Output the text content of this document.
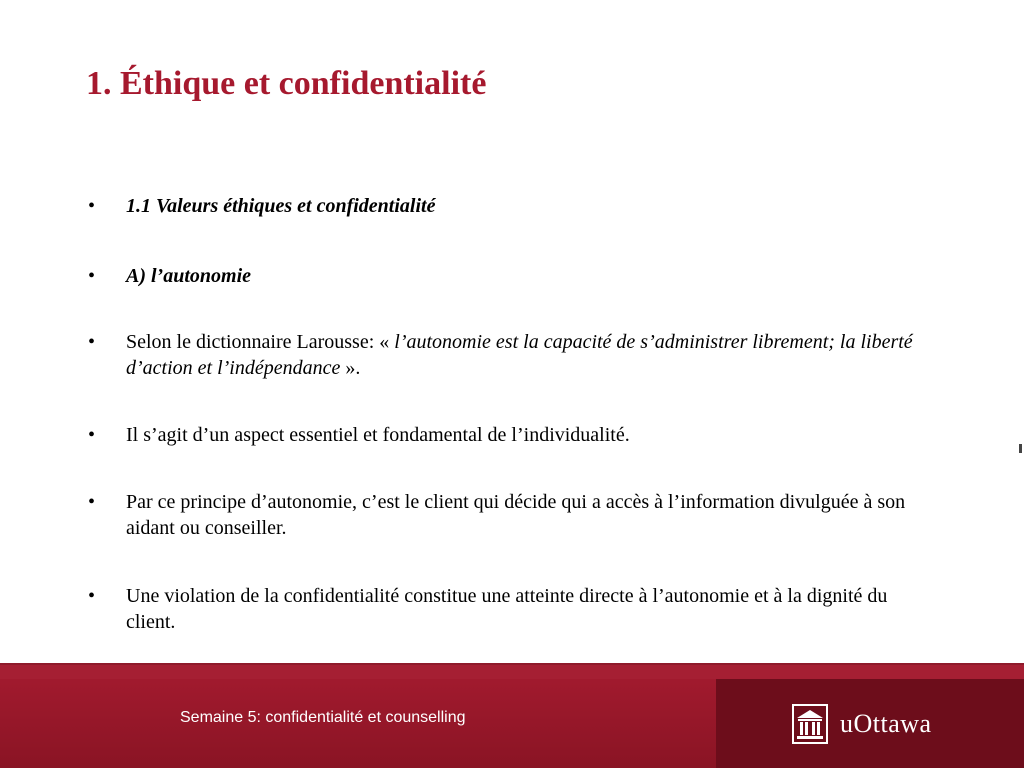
1. Éthique et confidentialité
• 1.1 Valeurs éthiques et confidentialité
• A) l’autonomie
• Selon le dictionnaire Larousse: « l’autonomie est la capacité de s’administrer librement; la liberté d’action et l’indépendance ».
• Il s’agit d’un aspect essentiel et fondamental de l’individualité.
• Par ce principe d’autonomie, c’est le client qui décide qui a accès à l’information divulguée à son aidant ou conseiller.
• Une violation de la confidentialité constitue une atteinte directe à l’autonomie et à la dignité du client.
Semaine 5: confidentialité et counselling	uOttawa
